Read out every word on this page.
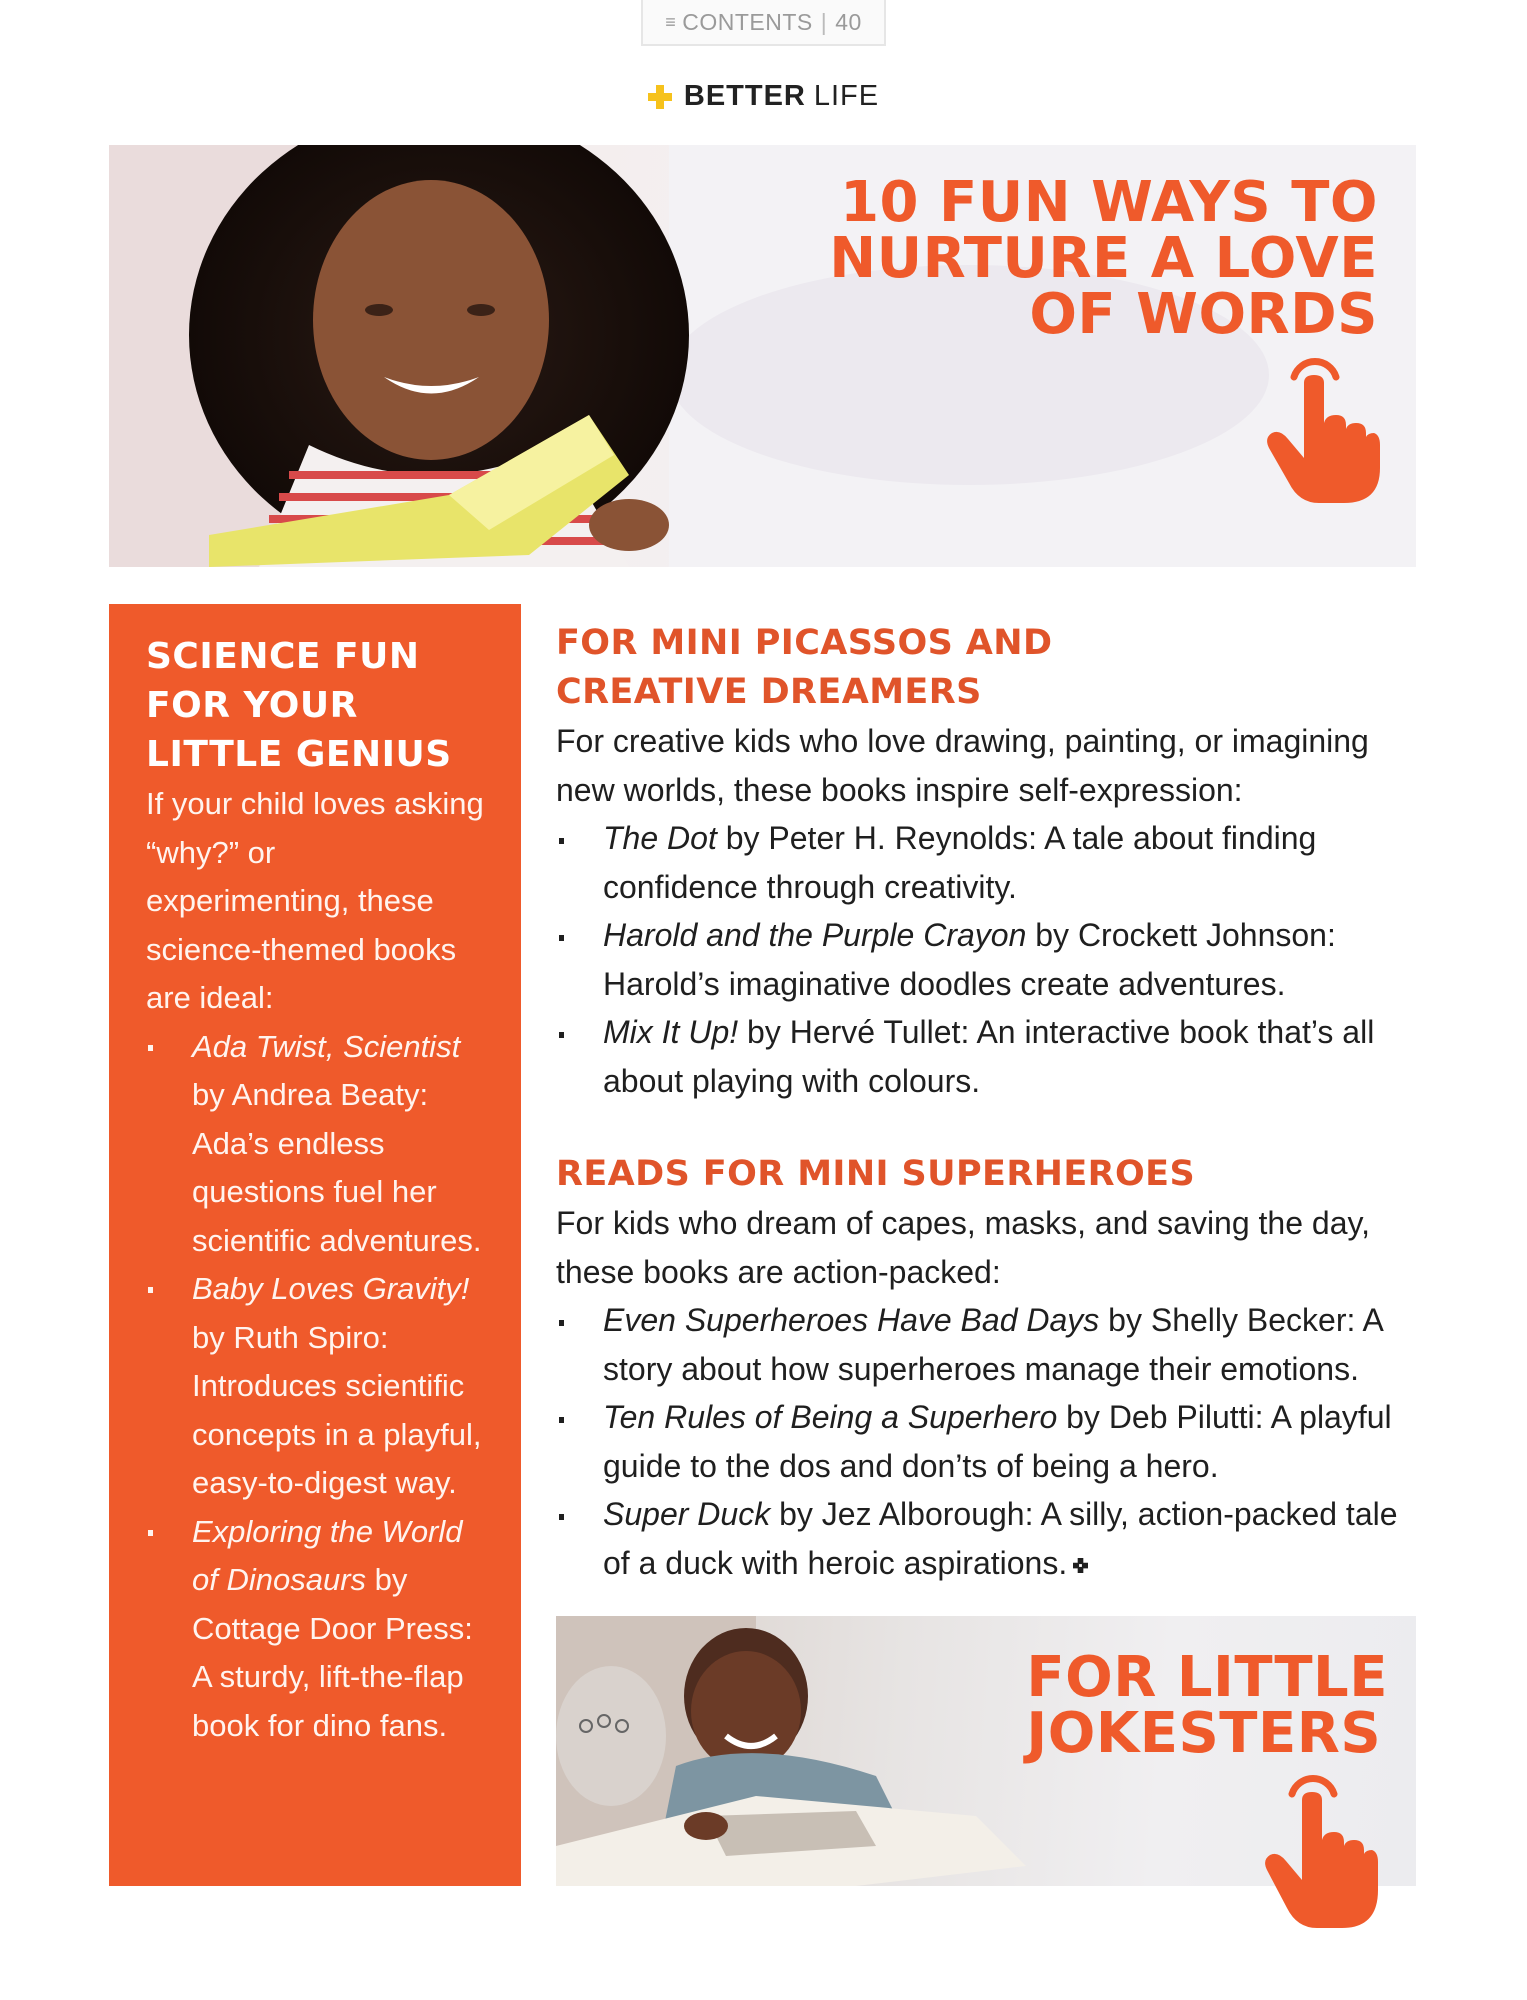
≡ CONTENTS | 40
BETTER LIFE
10 FUN WAYS TO
NURTURE A LOVE
OF WORDS
SCIENCE FUN
FOR YOUR
LITTLE GENIUS

If your child loves asking “why?” or experimenting, these science-themed books are ideal:

Ada Twist, Scientist by Andrea Beaty: Ada’s endless questions fuel her scientific adventures.
Baby Loves Gravity! by Ruth Spiro: Introduces scientific concepts in a playful, easy-to-digest way.
Exploring the World of Dinosaurs by Cottage Door Press: A sturdy, lift-the-flap book for dino fans.
FOR MINI PICASSOS AND
CREATIVE DREAMERS

For creative kids who love drawing, painting, or imagining new worlds, these books inspire self-expression:

The Dot by Peter H. Reynolds: A tale about finding confidence through creativity.
Harold and the Purple Crayon by Crockett Johnson: Harold’s imaginative doodles create adventures.
Mix It Up! by Hervé Tullet: An interactive book that’s all about playing with colours.
READS FOR MINI SUPERHEROES

For kids who dream of capes, masks, and saving the day, these books are action-packed:

Even Superheroes Have Bad Days by Shelly Becker: A story about how superheroes manage their emotions.
Ten Rules of Being a Superhero by Deb Pilutti: A playful guide to the dos and don’ts of being a hero.
Super Duck by Jez Alborough: A silly, action-packed tale of a duck with heroic aspirations.
FOR LITTLE
JOKESTERS
